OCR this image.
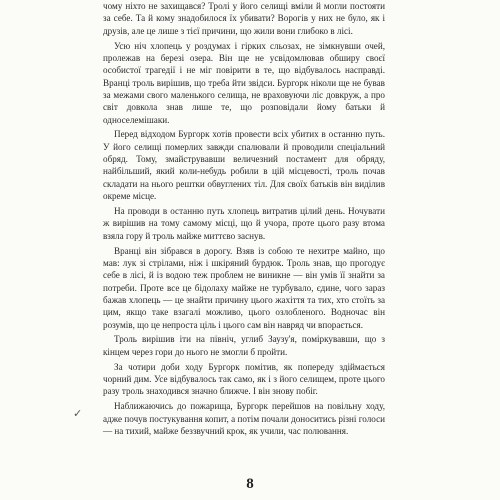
чому ніхто не захищався? Тролі у його селищі вміли й могли постояти за себе. Та й кому знадобилося їх убивати? Ворогів у них не було, як і друзів, але це лише з тієї причини, що жили вони глибоко в лісі.

Усю ніч хлопець у роздумах і гірких сльозах, не зімкнувши очей, пролежав на березі озера. Він ще не усвідомлював обширу своєї особистої трагедії і не міг повірити в те, що відбувалось насправді. Вранці троль вирішив, що треба йти звідси. Бургорк ніколи ще не бував за межами свого маленького селища, не враховуючи ліс довкруж, а про світ довкола знав лише те, що розповідали йому батьки й односелемішаки.

Перед відходом Бургорк хотів провести всіх убитих в останню путь. У його селищі померлих завжди спалювали й проводили спеціальний обряд. Тому, змайструвавши величезний постамент для обряду, найбільший, який коли-небудь робили в цій місцевості, троль почав складати на нього рештки обвуглених тіл. Для своїх батьків він виділив окреме місце.

На проводи в останню путь хлопець витратив цілий день. Ночувати ж вирішив на тому самому місці, що й учора, проте цього разу втома взяла гору й троль майже миттєво заснув.

Вранці він зібрався в дорогу. Взяв із собою те нехитре майно, що мав: лук зі стрілами, ніж і шкіряний бурдюк. Троль знав, що прогодує себе в лісі, й із водою теж проблем не виникне — він умів її знайти за потреби. Проте все це бідолаху майже не турбувало, єдине, чого зараз бажав хлопець — це знайти причину цього жахіття та тих, хто стоїть за цим, якщо таке взагалі можливо, цього озлобленого. Водночас він розумів, що це непроста ціль і цього сам він навряд чи впорається.

Троль вирішив іти на північ, углиб Заузу'я, поміркувавши, що з кінцем через гори до нього не змогли б пройти.

За чотири доби ходу Бургорк помітив, як попереду здіймається чорний дим. Усе відбувалось так само, як і з його селищем, проте цього разу троль знаходився значно ближче. І він знову побіг.

Наближаючись до пожарища, Бургорк перейшов на повільну ходу, аджe почув постукування копит, а потім почали доноситись різні голоси — на тихий, майже беззвучний крок, як учили, час полювання.

✓
8
